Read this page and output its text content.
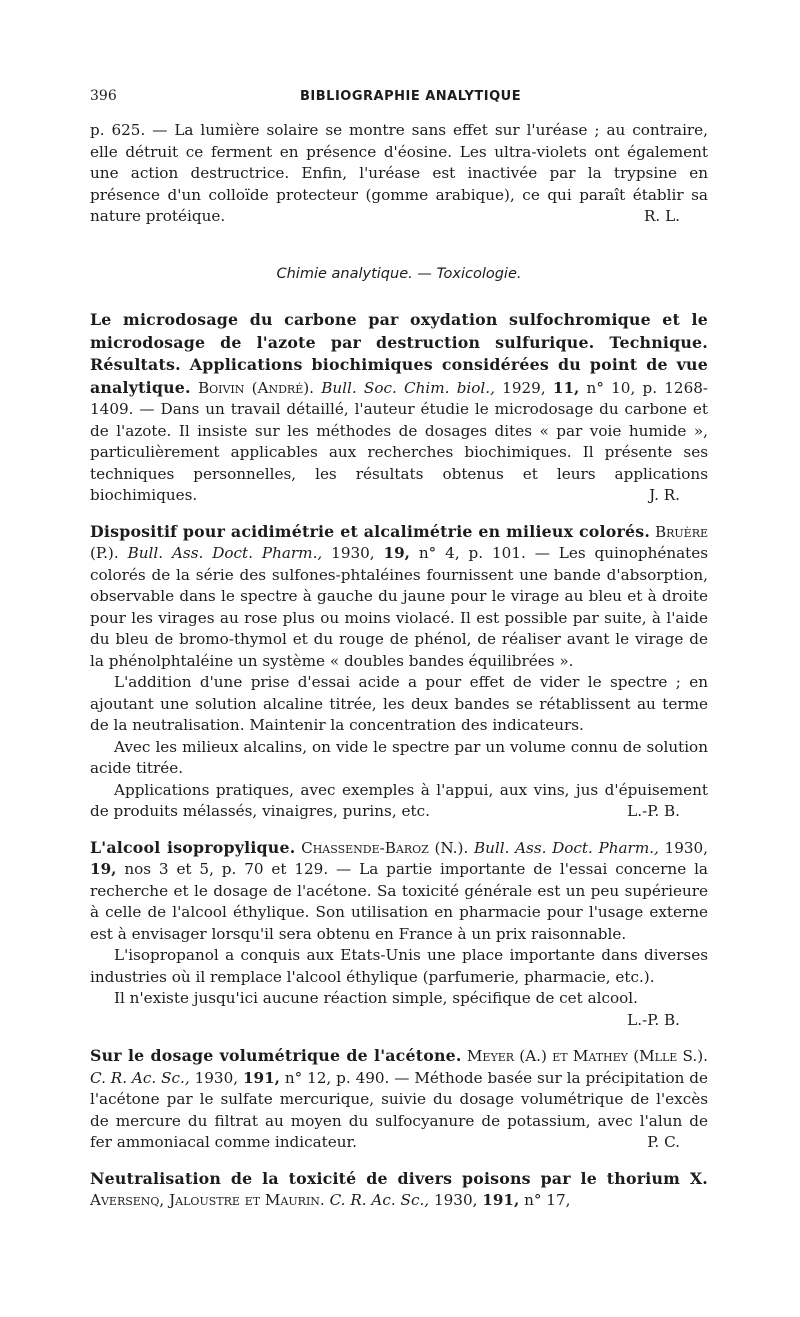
396	BIBLIOGRAPHIE ANALYTIQUE

p. 625. — La lumière solaire se montre sans effet sur l'uréase ; au contraire, elle détruit ce ferment en présence d'éosine. Les ultra-violets ont également une action destructrice. Enfin, l'uréase est inactivée par la trypsine en présence d'un colloïde protecteur (gomme arabique), ce qui paraît établir sa nature protéique.	R. L.

Chimie analytique. — Toxicologie.

Le microdosage du carbone par oxydation sulfochromique et le microdosage de l'azote par destruction sulfurique. Technique. Résultats. Applications biochimiques considérées du point de vue analytique. Boivin (André). Bull. Soc. Chim. biol., 1929, 11, n° 10, p. 1268-1409. — Dans un travail détaillé, l'auteur étudie le microdosage du carbone et de l'azote. Il insiste sur les méthodes de dosages dites « par voie humide », particulièrement applicables aux recherches biochimiques. Il présente ses techniques personnelles, les résultats obtenus et leurs applications biochimiques.	J. R.

Dispositif pour acidimétrie et alcalimétrie en milieux colorés. Bruère (P.). Bull. Ass. Doct. Pharm., 1930, 19, n° 4, p. 101. — Les quinophénates colorés de la série des sulfones-phtaléines fournissent une bande d'absorption, observable dans le spectre à gauche du jaune pour le virage au bleu et à droite pour les virages au rose plus ou moins violacé. Il est possible par suite, à l'aide du bleu de bromo-thymol et du rouge de phénol, de réaliser avant le virage de la phénolphtaléine un système « doubles bandes équilibrées ».

L'addition d'une prise d'essai acide a pour effet de vider le spectre ; en ajoutant une solution alcaline titrée, les deux bandes se rétablissent au terme de la neutralisation. Maintenir la concentration des indicateurs.

Avec les milieux alcalins, on vide le spectre par un volume connu de solution acide titrée.

Applications pratiques, avec exemples à l'appui, aux vins, jus d'épuisement de produits mélassés, vinaigres, purins, etc.	L.-P. B.

L'alcool isopropylique. Chassende-Baroz (N.). Bull. Ass. Doct. Pharm., 1930, 19, nos 3 et 5, p. 70 et 129. — La partie importante de l'essai concerne la recherche et le dosage de l'acétone. Sa toxicité générale est un peu supérieure à celle de l'alcool éthylique. Son utilisation en pharmacie pour l'usage externe est à envisager lorsqu'il sera obtenu en France à un prix raisonnable.

L'isopropanol a conquis aux Etats-Unis une place importante dans diverses industries où il remplace l'alcool éthylique (parfumerie, pharmacie, etc.).

Il n'existe jusqu'ici aucune réaction simple, spécifique de cet alcool.

L.-P. B.

Sur le dosage volumétrique de l'acétone. Meyer (A.) et Mathey (Mlle S.). C. R. Ac. Sc., 1930, 191, n° 12, p. 490. — Méthode basée sur la précipitation de l'acétone par le sulfate mercurique, suivie du dosage volumétrique de l'excès de mercure du filtrat au moyen du sulfocyanure de potassium, avec l'alun de fer ammoniacal comme indicateur.	P. C.

Neutralisation de la toxicité de divers poisons par le thorium X. Aversenq, Jaloustre et Maurin. C. R. Ac. Sc., 1930, 191, n° 17,
